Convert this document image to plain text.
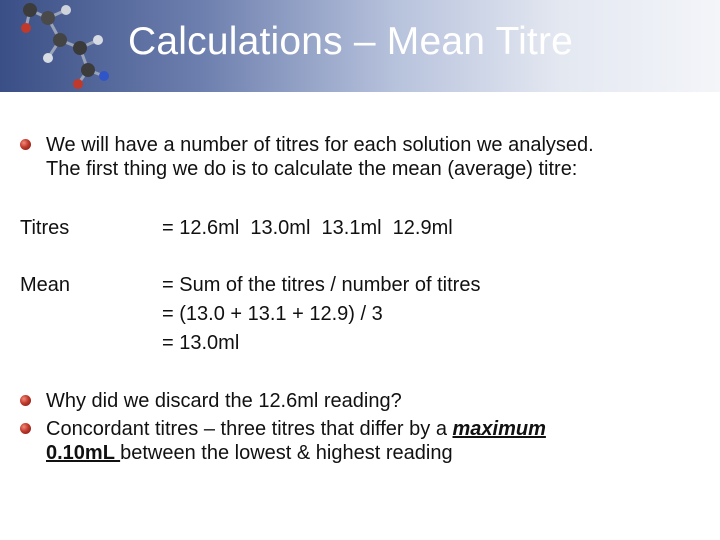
Calculations – Mean Titre
We will have a number of titres for each solution we analysed.
The first thing we do is to calculate the mean (average) titre:
Titres	= 12.6ml  13.0ml  13.1ml  12.9ml
Mean	= Sum of the titres / number of titres
= (13.0 + 13.1 + 12.9) / 3
= 13.0ml
Why did we discard the 12.6ml reading?
Concordant titres – three titres that differ by a maximum
0.10mL between the lowest & highest reading
